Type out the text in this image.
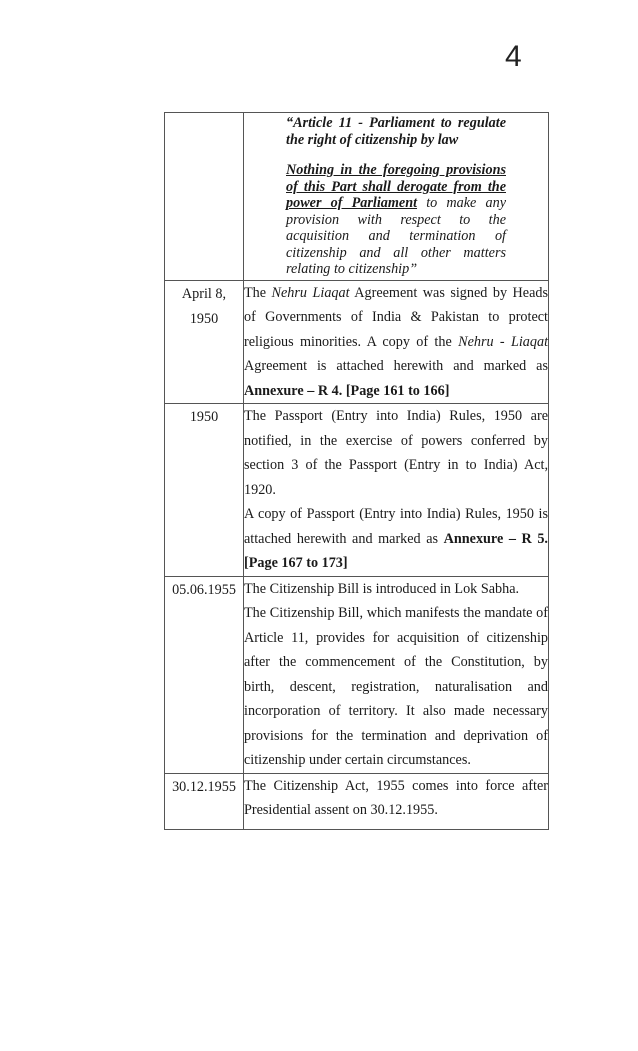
4

	“Article 11 - Parliament to regulate the right of citizenship by law

Nothing in the foregoing provisions of this Part shall derogate from the power of Parliament to make any provision with respect to the acquisition and termination of citizenship and all other matters relating to citizenship”

April 8,
1950	The Nehru Liaqat Agreement was signed by Heads of Governments of India & Pakistan to protect religious minorities. A copy of the Nehru - Liaqat Agreement is attached herewith and marked as Annexure – R 4. [Page 161 to 166]

1950	The Passport (Entry into India) Rules, 1950 are notified, in the exercise of powers conferred by section 3 of the Passport (Entry in to India) Act, 1920.

A copy of Passport (Entry into India) Rules, 1950 is attached herewith and marked as Annexure – R 5. [Page 167 to 173]

05.06.1955	The Citizenship Bill is introduced in Lok Sabha.

The Citizenship Bill, which manifests the mandate of Article 11, provides for acquisition of citizenship after the commencement of the Constitution, by birth, descent, registration, naturalisation and incorporation of territory. It also made necessary provisions for the termination and deprivation of citizenship under certain circumstances.

30.12.1955	The Citizenship Act, 1955 comes into force after Presidential assent on 30.12.1955.
